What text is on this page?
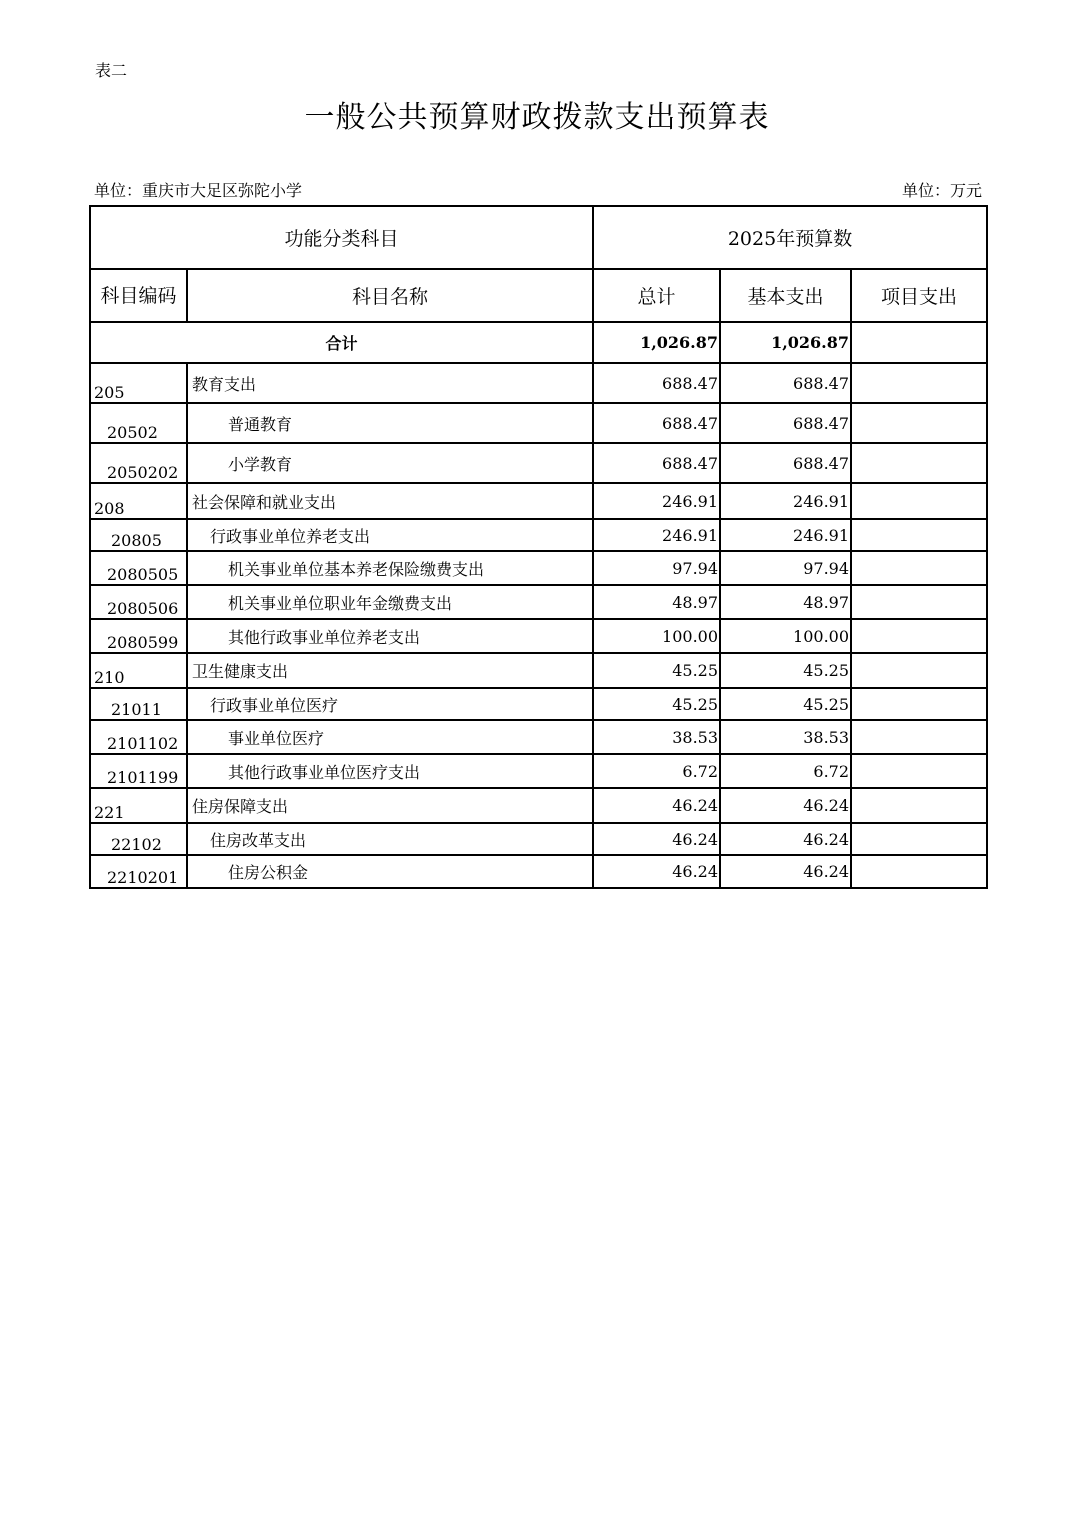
表二
一般公共预算财政拨款支出预算表
单位：重庆市大足区弥陀小学	单位：万元
功能分类科目		2025年预算数		
科目编码	科目名称	总计	基本支出	项目支出
合计		1,026.87	1,026.87	
205	教育支出	688.47	688.47	
20502	普通教育	688.47	688.47	
2050202	小学教育	688.47	688.47	
208	社会保障和就业支出	246.91	246.91	
20805	行政事业单位养老支出	246.91	246.91	
2080505	机关事业单位基本养老保险缴费支出	97.94	97.94	
2080506	机关事业单位职业年金缴费支出	48.97	48.97	
2080599	其他行政事业单位养老支出	100.00	100.00	
210	卫生健康支出	45.25	45.25	
21011	行政事业单位医疗	45.25	45.25	
2101102	事业单位医疗	38.53	38.53	
2101199	其他行政事业单位医疗支出	6.72	6.72	
221	住房保障支出	46.24	46.24	
22102	住房改革支出	46.24	46.24	
2210201	住房公积金	46.24	46.24	
